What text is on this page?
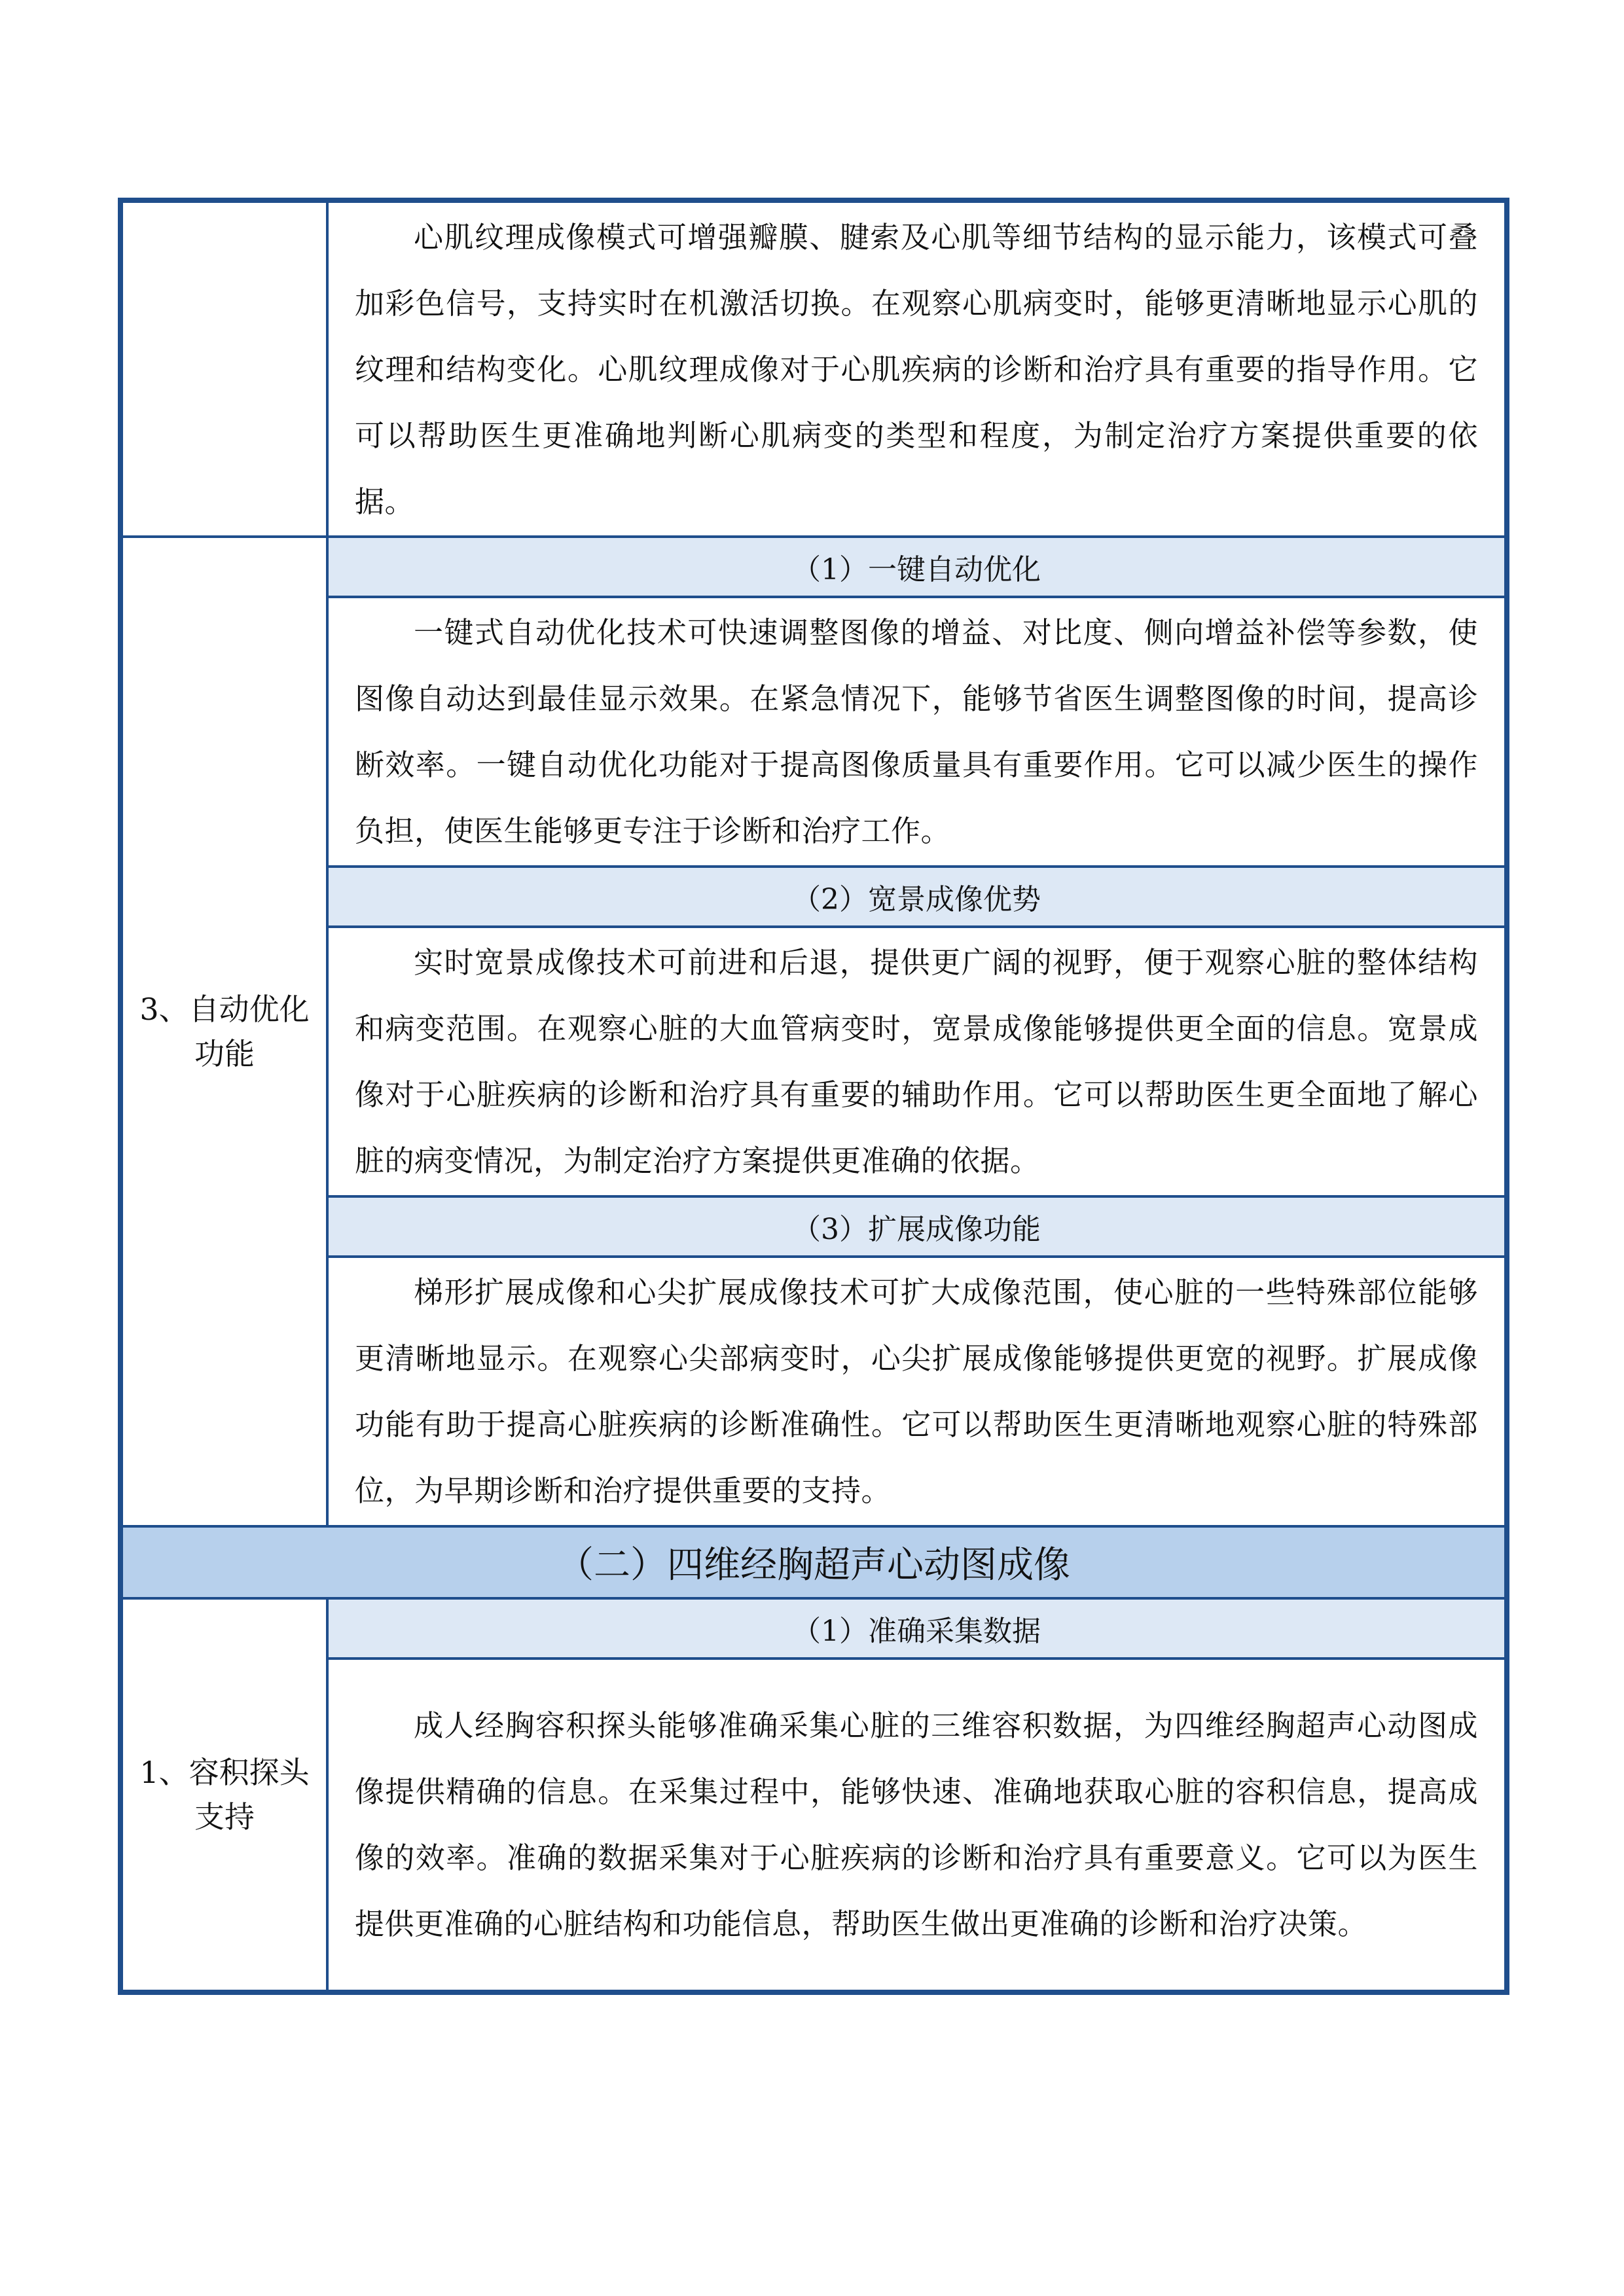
	心肌纹理成像模式可增强瓣膜、腱索及心肌等细节结构的显示能力，该模式可叠加彩色信号，支持实时在机激活切换。在观察心肌病变时，能够更清晰地显示心肌的纹理和结构变化。心肌纹理成像对于心肌疾病的诊断和治疗具有重要的指导作用。它可以帮助医生更准确地判断心肌病变的类型和程度，为制定治疗方案提供重要的依据。

3、自动优化功能	（1）一键自动优化

	一键式自动优化技术可快速调整图像的增益、对比度、侧向增益补偿等参数，使图像自动达到最佳显示效果。在紧急情况下，能够节省医生调整图像的时间，提高诊断效率。一键自动优化功能对于提高图像质量具有重要作用。它可以减少医生的操作负担，使医生能够更专注于诊断和治疗工作。

	（2）宽景成像优势

	实时宽景成像技术可前进和后退，提供更广阔的视野，便于观察心脏的整体结构和病变范围。在观察心脏的大血管病变时，宽景成像能够提供更全面的信息。宽景成像对于心脏疾病的诊断和治疗具有重要的辅助作用。它可以帮助医生更全面地了解心脏的病变情况，为制定治疗方案提供更准确的依据。

	（3）扩展成像功能

	梯形扩展成像和心尖扩展成像技术可扩大成像范围，使心脏的一些特殊部位能够更清晰地显示。在观察心尖部病变时，心尖扩展成像能够提供更宽的视野。扩展成像功能有助于提高心脏疾病的诊断准确性。它可以帮助医生更清晰地观察心脏的特殊部位，为早期诊断和治疗提供重要的支持。

（二）四维经胸超声心动图成像	
1、容积探头支持	（1）准确采集数据

	成人经胸容积探头能够准确采集心脏的三维容积数据，为四维经胸超声心动图成像提供精确的信息。在采集过程中，能够快速、准确地获取心脏的容积信息，提高成像的效率。准确的数据采集对于心脏疾病的诊断和治疗具有重要意义。它可以为医生提供更准确的心脏结构和功能信息，帮助医生做出更准确的诊断和治疗决策。
